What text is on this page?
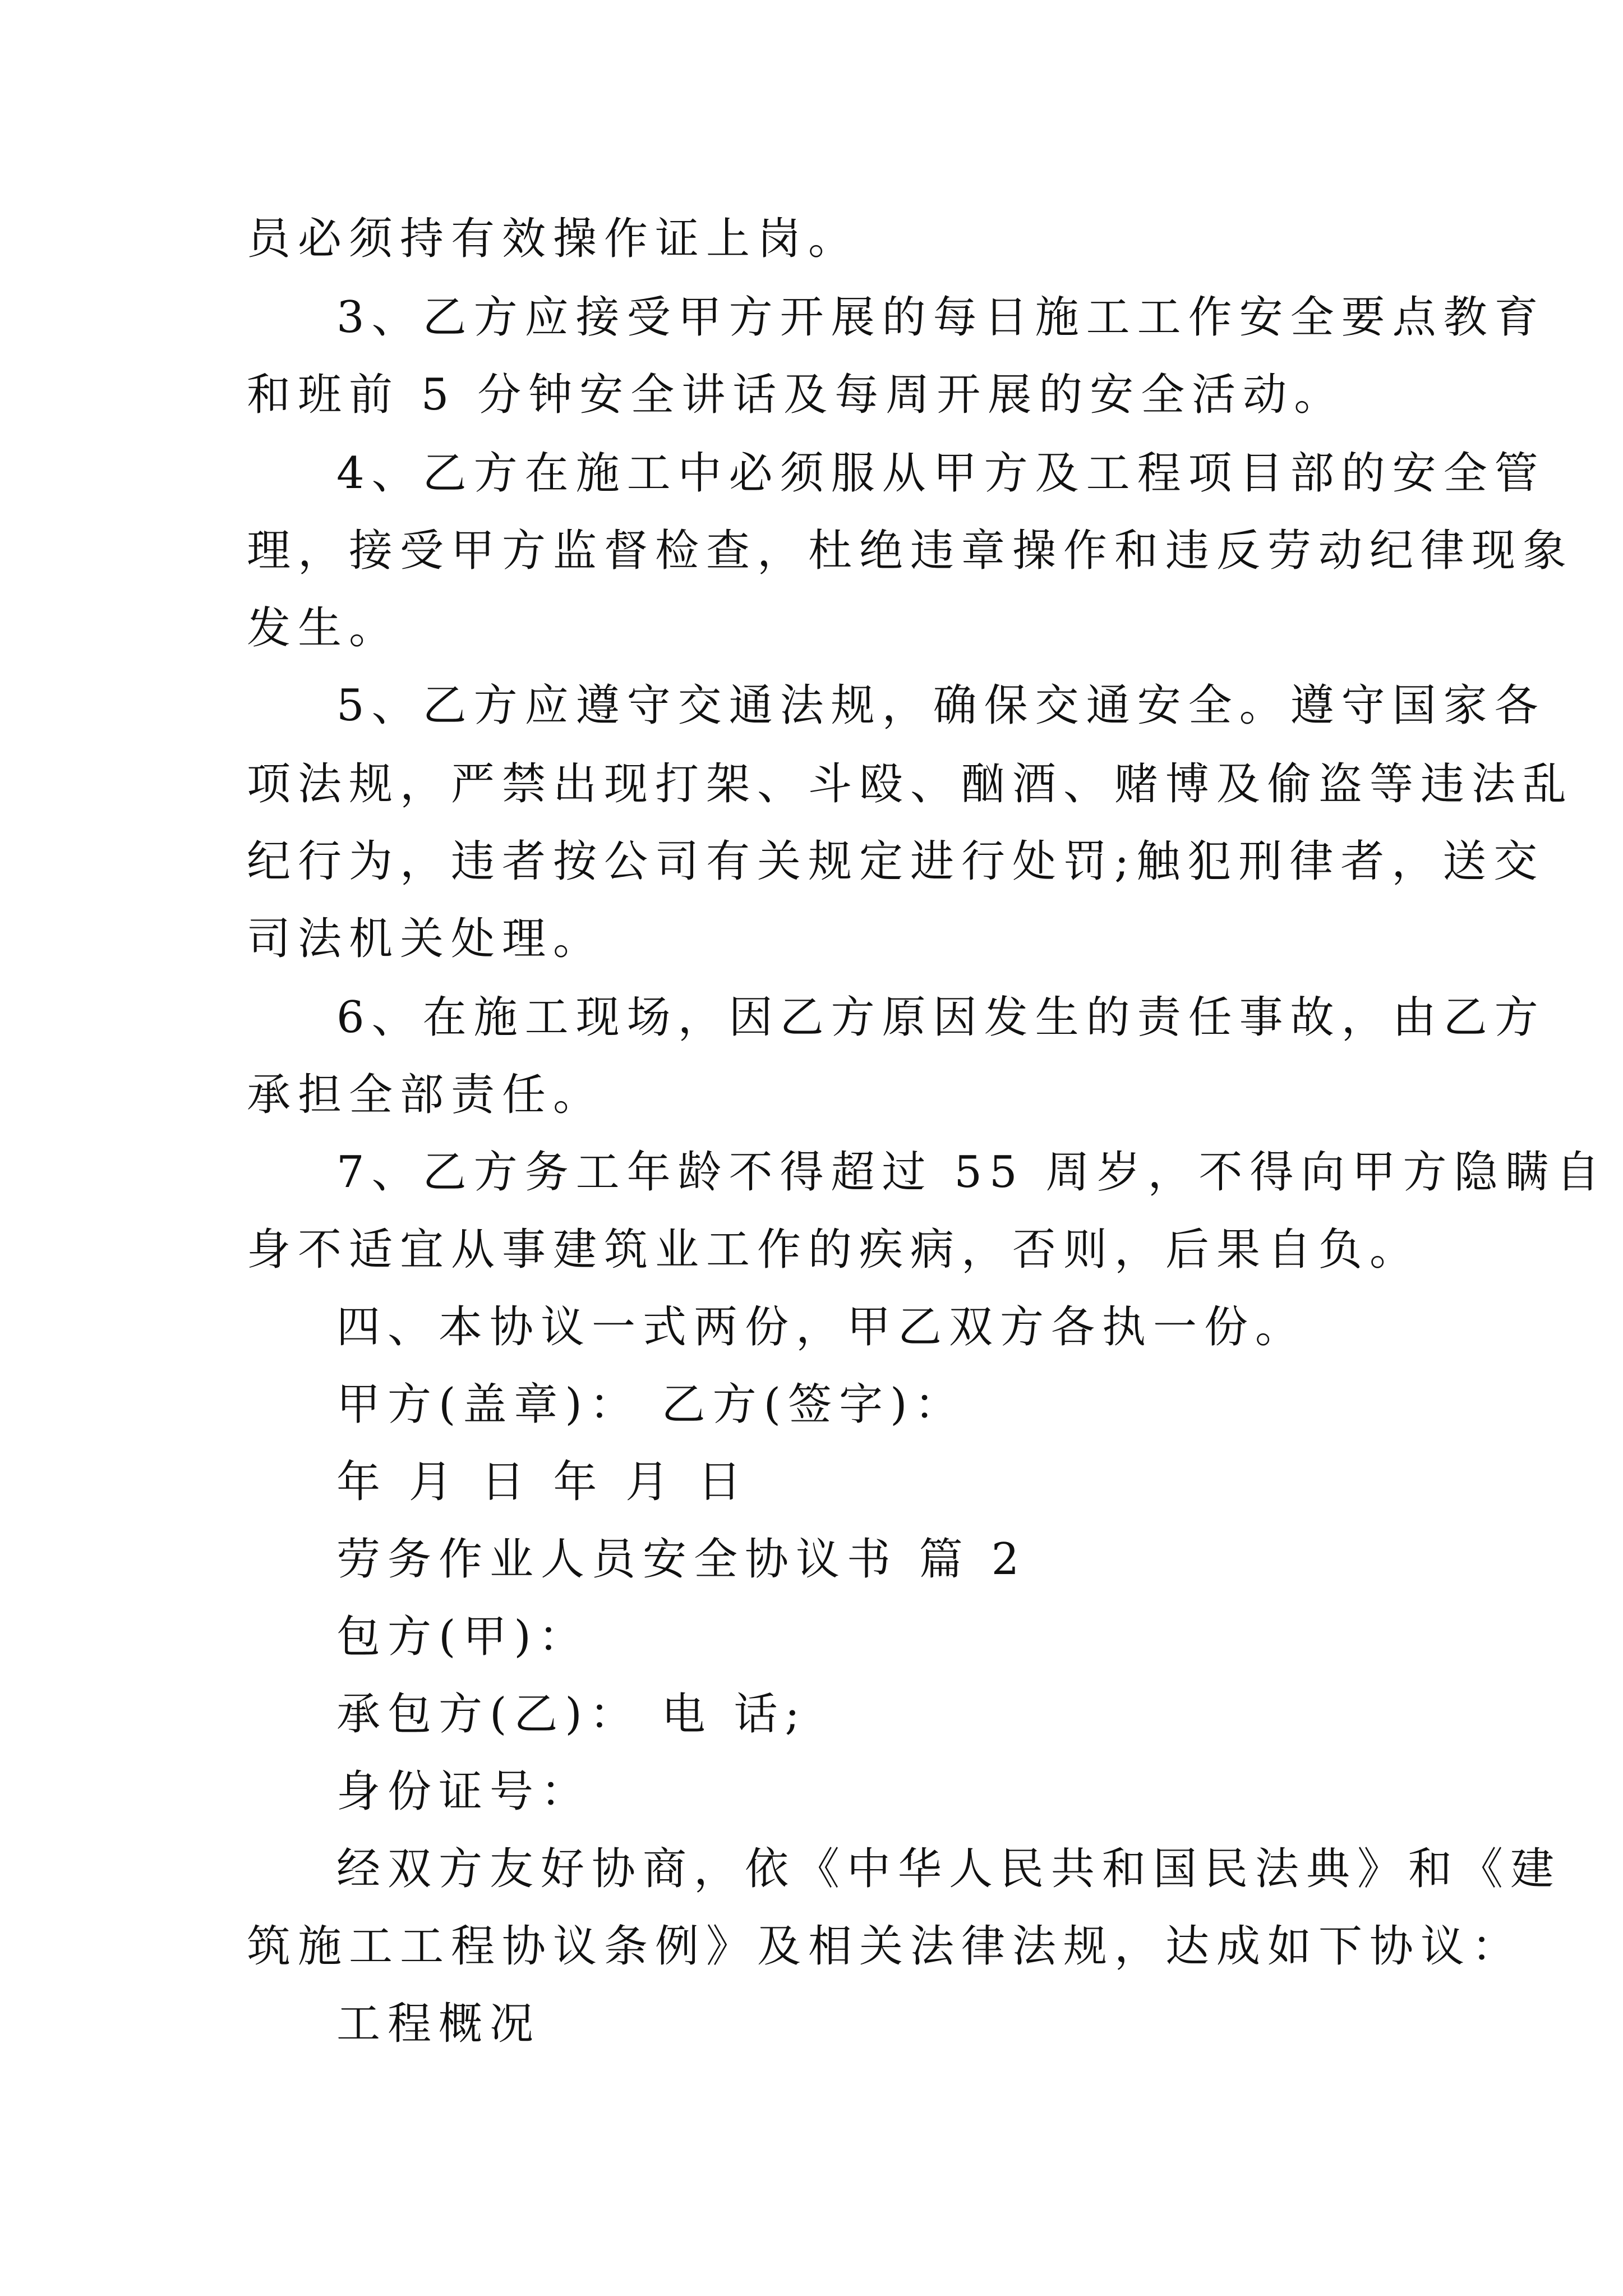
员必须持有效操作证上岗。
3、乙方应接受甲方开展的每日施工工作安全要点教育
和班前 5 分钟安全讲话及每周开展的安全活动。
4、乙方在施工中必须服从甲方及工程项目部的安全管
理，接受甲方监督检查，杜绝违章操作和违反劳动纪律现象
发生。
5、乙方应遵守交通法规，确保交通安全。遵守国家各
项法规，严禁出现打架、斗殴、酗酒、赌博及偷盗等违法乱
纪行为，违者按公司有关规定进行处罚;触犯刑律者，送交
司法机关处理。
6、在施工现场，因乙方原因发生的责任事故，由乙方
承担全部责任。
7、乙方务工年龄不得超过 55 周岁，不得向甲方隐瞒自
身不适宜从事建筑业工作的疾病，否则，后果自负。
四、本协议一式两份，甲乙双方各执一份。
甲方(盖章)： 乙方(签字)：
年 月 日 年 月 日
劳务作业人员安全协议书 篇 2
包方(甲)：
承包方(乙)： 电 话;
身份证号：
经双方友好协商，依《中华人民共和国民法典》和《建
筑施工工程协议条例》及相关法律法规，达成如下协议：
工程概况
